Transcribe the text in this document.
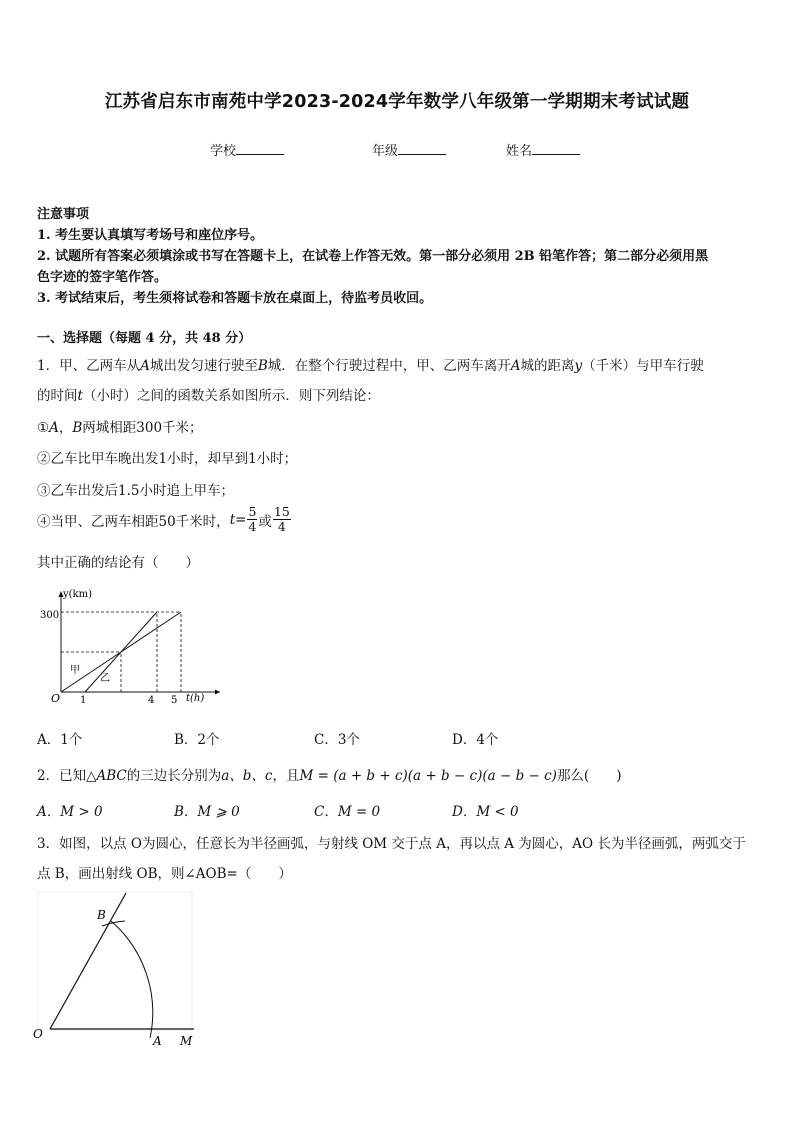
江苏省启东市南苑中学2023-2024学年数学八年级第一学期期末考试试题
学校	年级	姓名
注意事项
1. 考生要认真填写考场号和座位序号。
2. 试题所有答案必须填涂或书写在答题卡上，在试卷上作答无效。第一部分必须用 2B 铅笔作答；第二部分必须用黑
色字迹的签字笔作答。
3. 考试结束后，考生须将试卷和答题卡放在桌面上，待监考员收回。
一、选择题（每题 4 分，共 48 分）
1．甲、乙两车从A城出发匀速行驶至B城．在整个行驶过程中，甲、乙两车离开A城的距离y（千米）与甲车行驶
的时间t（小时）之间的函数关系如图所示．则下列结论：
①A，B两城相距300千米；
②乙车比甲车晚出发1小时，却早到1小时；
③乙车出发后1.5小时追上甲车；
④当甲、乙两车相距50千米时， $t = \frac{5}{4}$ 或 $\frac{15}{4}$
其中正确的结论有（　　）
y(km)
t(h)
O
300
1	4 5
甲
乙
A．1个	B．2个	C．3个	D．4个
2．已知△ABC的三边长分别为a、b、c，且M = (a + b + c)(a + b − c)(a − b − c)那么(　　)
A．M > 0	B．M ⩾ 0	C．M = 0	D．M < 0
3．如图，以点 O为圆心，任意长为半径画弧，与射线 OM 交于点 A，再以点 A 为圆心，AO 长为半径画弧，两弧交于
点 B，画出射线 OB，则∠AOB=（　　）
O	A M
B
